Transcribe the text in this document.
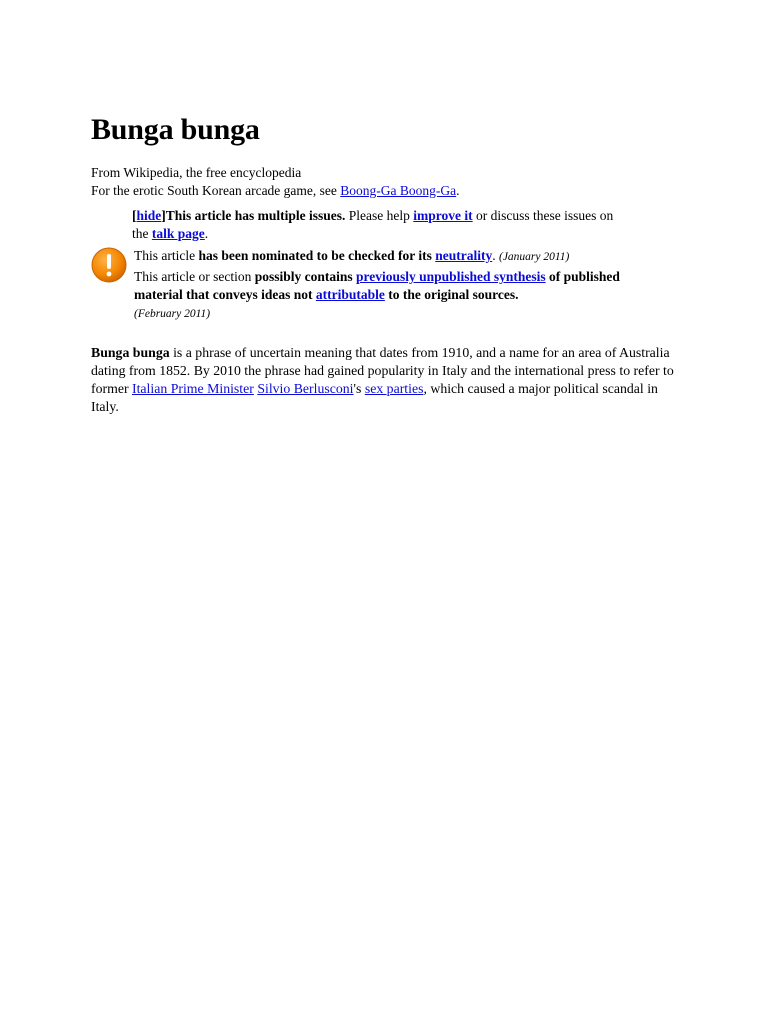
Bunga bunga
From Wikipedia, the free encyclopedia
For the erotic South Korean arcade game, see Boong-Ga Boong-Ga.
[hide]This article has multiple issues. Please help improve it or discuss these issues on the talk page.
This article has been nominated to be checked for its neutrality. (January 2011)
This article or section possibly contains previously unpublished synthesis of published material that conveys ideas not attributable to the original sources.
(February 2011)
Bunga bunga is a phrase of uncertain meaning that dates from 1910, and a name for an area of Australia dating from 1852. By 2010 the phrase had gained popularity in Italy and the international press to refer to former Italian Prime Minister Silvio Berlusconi's sex parties, which caused a major political scandal in Italy.
